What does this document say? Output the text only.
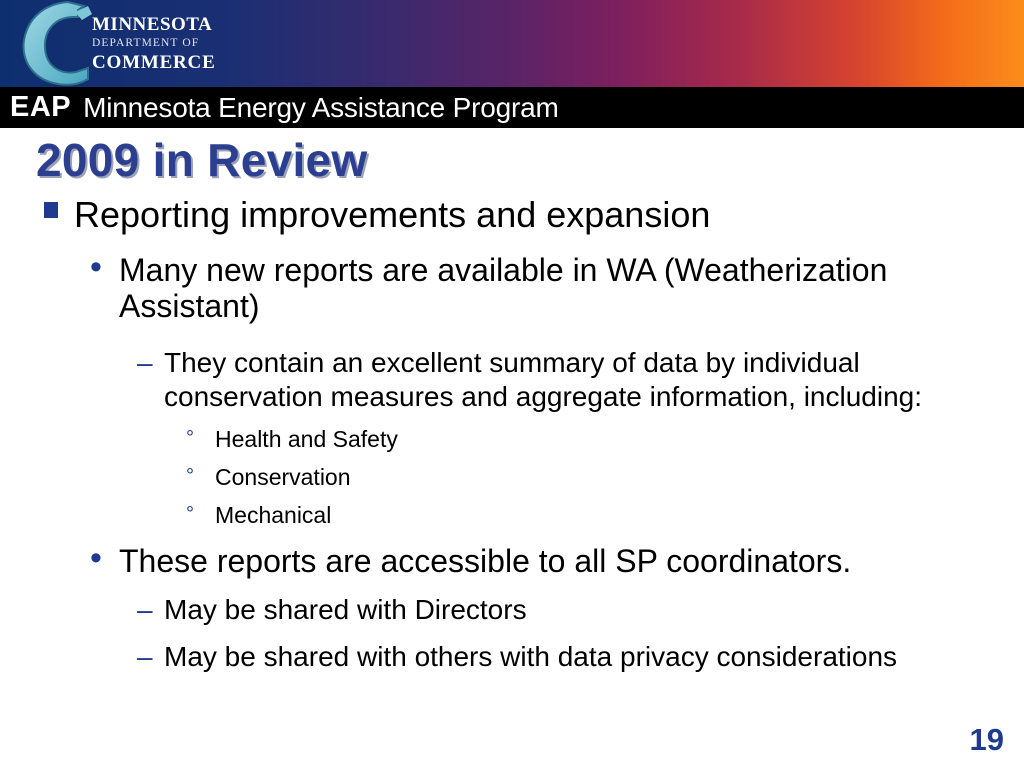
MINNESOTA
DEPARTMENT OF
COMMERCE
EAP Minnesota Energy Assistance Program
2009 in Review
Reporting improvements and expansion
• Many new reports are available in WA (Weatherization Assistant)
– They contain an excellent summary of data by individual conservation measures and aggregate information, including:
° Health and Safety
° Conservation
° Mechanical
• These reports are accessible to all SP coordinators.
– May be shared with Directors
– May be shared with others with data privacy considerations
19
